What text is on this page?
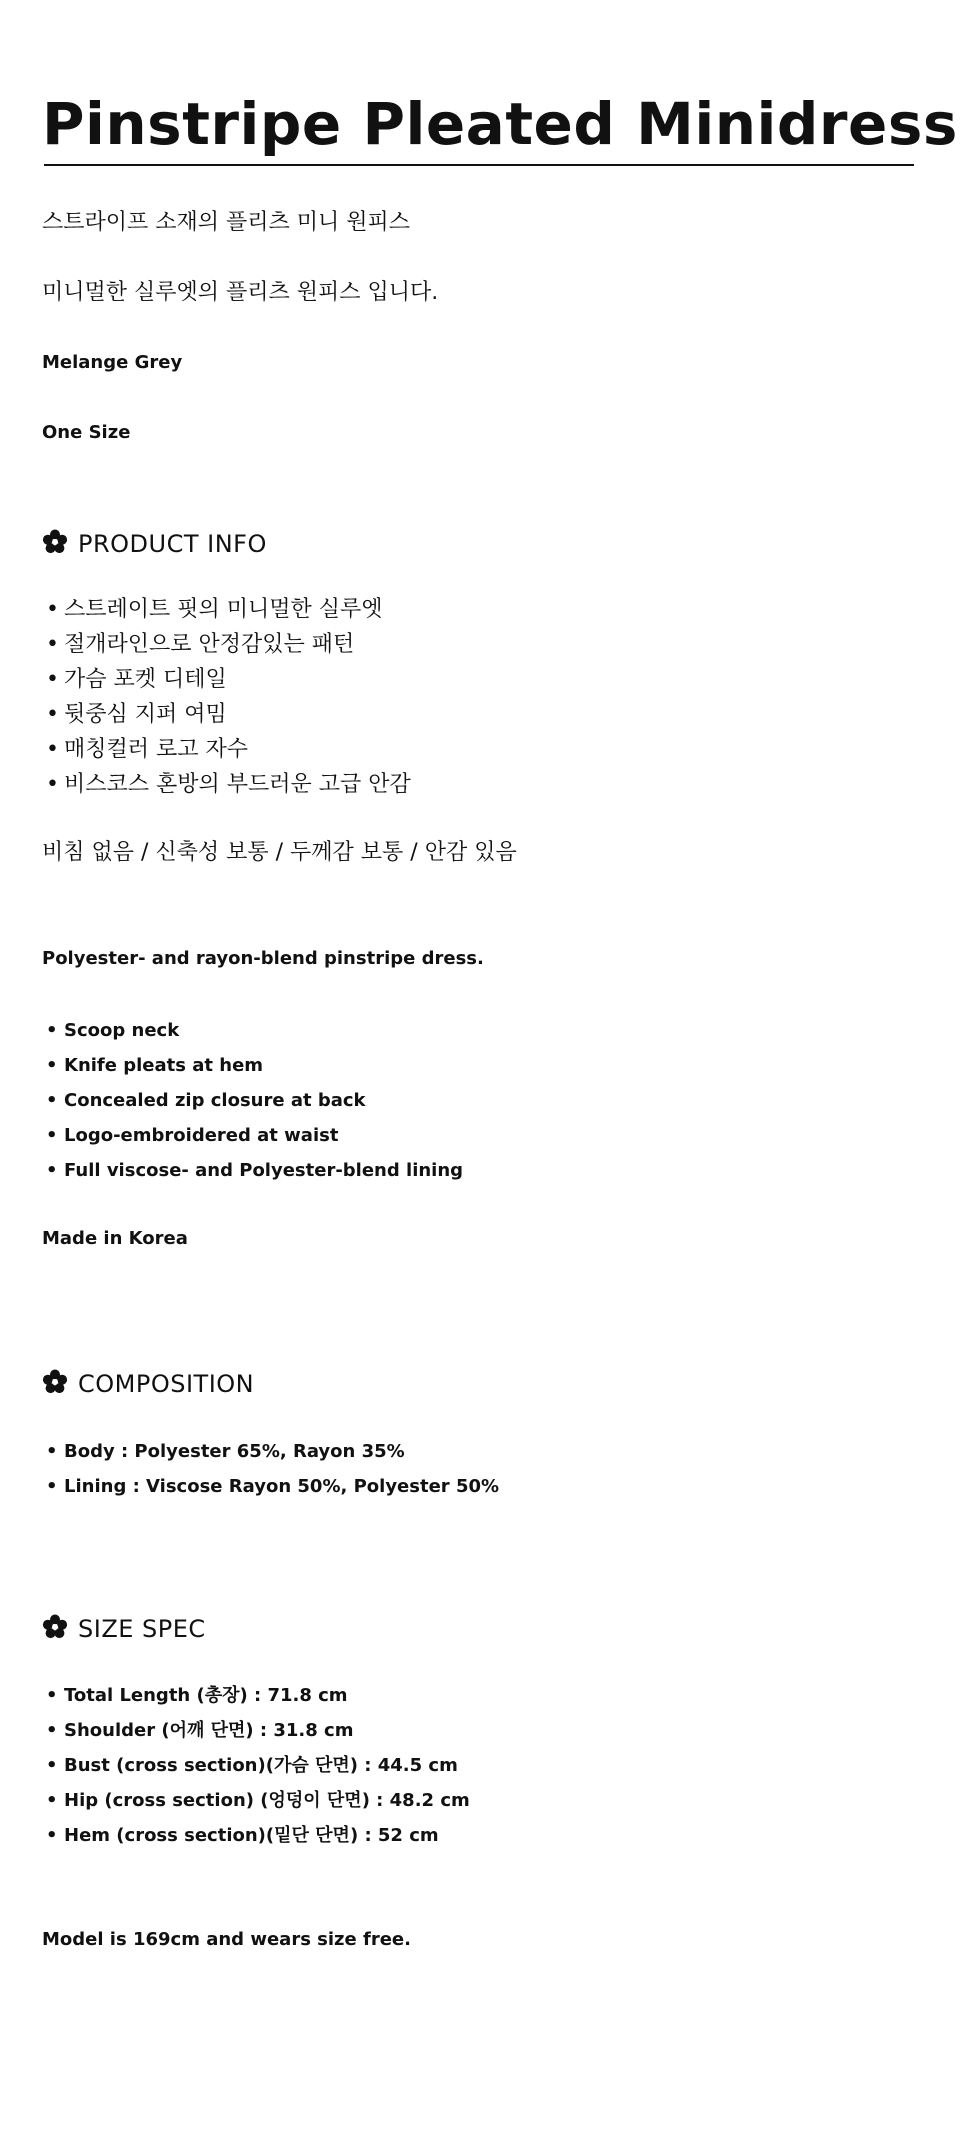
Pinstripe Pleated Minidress
스트라이프 소재의 플리츠 미니 원피스
미니멀한 실루엣의 플리츠 원피스 입니다.
Melange Grey
One Size
PRODUCT INFO
• 스트레이트 핏의 미니멀한 실루엣
• 절개라인으로 안정감있는 패턴
• 가슴 포켓 디테일
• 뒷중심 지퍼 여밈
• 매칭컬러 로고 자수
• 비스코스 혼방의 부드러운 고급 안감
비침 없음 / 신축성 보통 / 두께감 보통 / 안감 있음
Polyester- and rayon-blend pinstripe dress.
• Scoop neck
• Knife pleats at hem
• Concealed zip closure at back
• Logo-embroidered at waist
• Full viscose- and Polyester-blend lining
Made in Korea
COMPOSITION
• Body : Polyester 65%, Rayon 35%
• Lining : Viscose Rayon 50%, Polyester 50%
SIZE SPEC
• Total Length (총장) : 71.8 cm
• Shoulder (어깨 단면) : 31.8 cm
• Bust (cross section)(가슴 단면) : 44.5 cm
• Hip (cross section) (엉덩이 단면) : 48.2 cm
• Hem (cross section)(밑단 단면) : 52 cm
Model is 169cm and wears size free.
